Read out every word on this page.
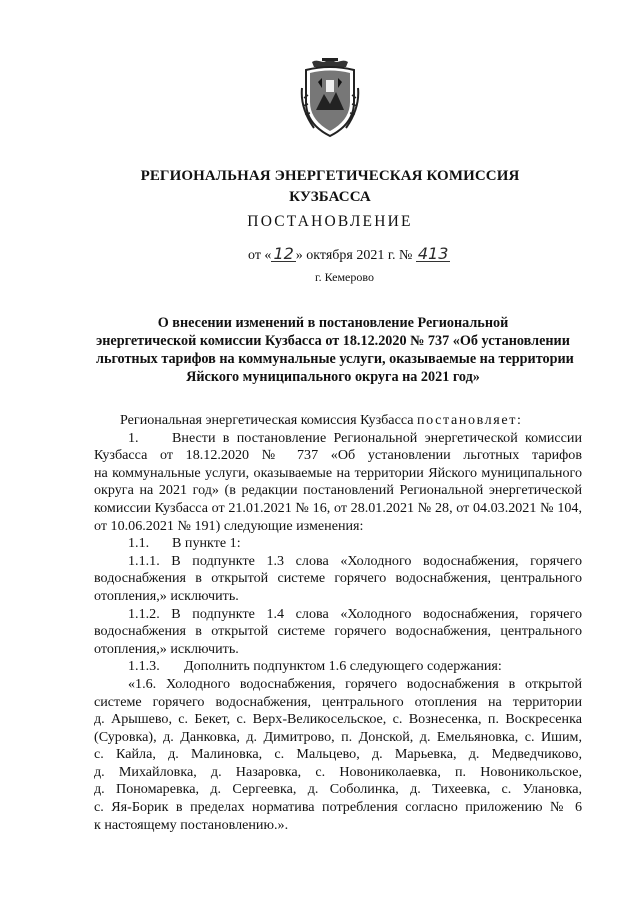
РЕГИОНАЛЬНАЯ ЭНЕРГЕТИЧЕСКАЯ КОМИССИЯ
КУЗБАССА
ПОСТАНОВЛЕНИЕ
от « 12 » октября 2021 г. № 413
г. Кемерово
О внесении изменений в постановление Региональной
энергетической комиссии Кузбасса от 18.12.2020 № 737 «Об установлении
льготных тарифов на коммунальные услуги, оказываемые на территории
Яйского муниципального округа на 2021 год»
Региональная энергетическая комиссия Кузбасса постановляет:
1. Внести в постановление Региональной энергетической комиссии
Кузбасса от 18.12.2020 № 737 «Об установлении льготных тарифов
на коммунальные услуги, оказываемые на территории Яйского муниципального
округа на 2021 год» (в редакции постановлений Региональной энергетической
комиссии Кузбасса от 21.01.2021 № 16, от 28.01.2021 № 28, от 04.03.2021 № 104,
от 10.06.2021 № 191) следующие изменения:
1.1. В пункте 1:
1.1.1. В подпункте 1.3 слова «Холодного водоснабжения, горячего
водоснабжения в открытой системе горячего водоснабжения, центрального
отопления,» исключить.
1.1.2. В подпункте 1.4 слова «Холодного водоснабжения, горячего
водоснабжения в открытой системе горячего водоснабжения, центрального
отопления,» исключить.
1.1.3. Дополнить подпунктом 1.6 следующего содержания:
«1.6. Холодного водоснабжения, горячего водоснабжения в открытой
системе горячего водоснабжения, центрального отопления на территории
д. Арышево, с. Бекет, с. Верх-Великосельское, с. Вознесенка, п. Воскресенка
(Суровка), д. Данковка, д. Димитрово, п. Донской, д. Емельяновка, с. Ишим,
с. Кайла, д. Малиновка, с. Мальцево, д. Марьевка, д. Медведчиково,
д. Михайловка, д. Назаровка, с. Новониколаевка, п. Новоникольское,
д. Пономаревка, д. Сергеевка, д. Соболинка, д. Тихеевка, с. Улановка,
с. Яя-Борик в пределах норматива потребления согласно приложению № 6
к настоящему постановлению.».
